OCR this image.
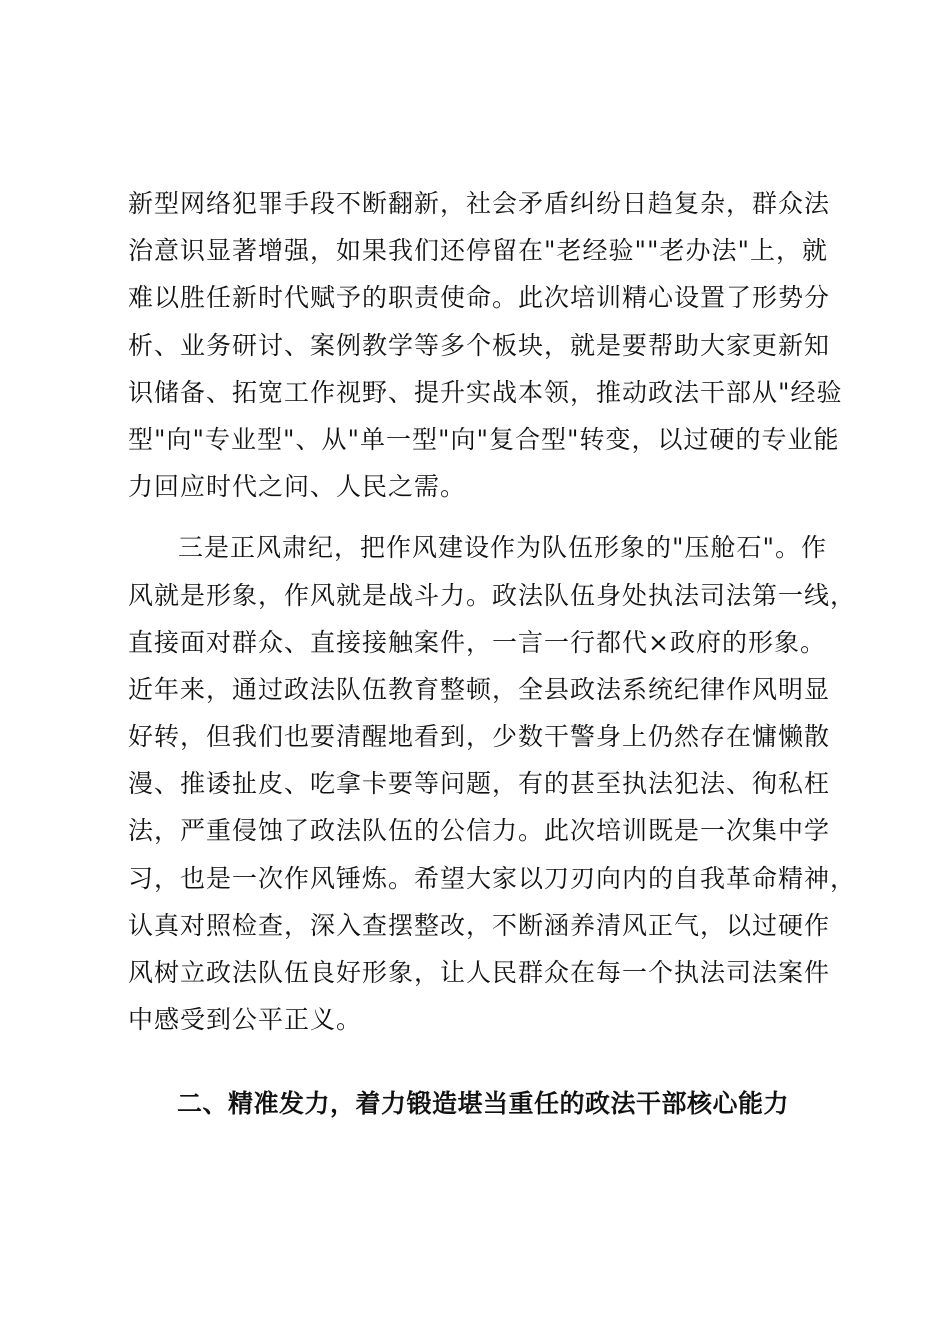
新型网络犯罪手段不断翻新，社会矛盾纠纷日趋复杂，群众法
治意识显著增强，如果我们还停留在"老经验""老办法"上，就
难以胜任新时代赋予的职责使命。此次培训精心设置了形势分
析、业务研讨、案例教学等多个板块，就是要帮助大家更新知
识储备、拓宽工作视野、提升实战本领，推动政法干部从"经验
型"向"专业型"、从"单一型"向"复合型"转变，以过硬的专业能
力回应时代之问、人民之需。
三是正风肃纪，把作风建设作为队伍形象的"压舱石"。作
风就是形象，作风就是战斗力。政法队伍身处执法司法第一线，
直接面对群众、直接接触案件，一言一行都代×政府的形象。
近年来，通过政法队伍教育整顿，全县政法系统纪律作风明显
好转，但我们也要清醒地看到，少数干警身上仍然存在慵懒散
漫、推诿扯皮、吃拿卡要等问题，有的甚至执法犯法、徇私枉
法，严重侵蚀了政法队伍的公信力。此次培训既是一次集中学
习，也是一次作风锤炼。希望大家以刀刃向内的自我革命精神，
认真对照检查，深入查摆整改，不断涵养清风正气，以过硬作
风树立政法队伍良好形象，让人民群众在每一个执法司法案件
中感受到公平正义。
二、精准发力，着力锻造堪当重任的政法干部核心能力
